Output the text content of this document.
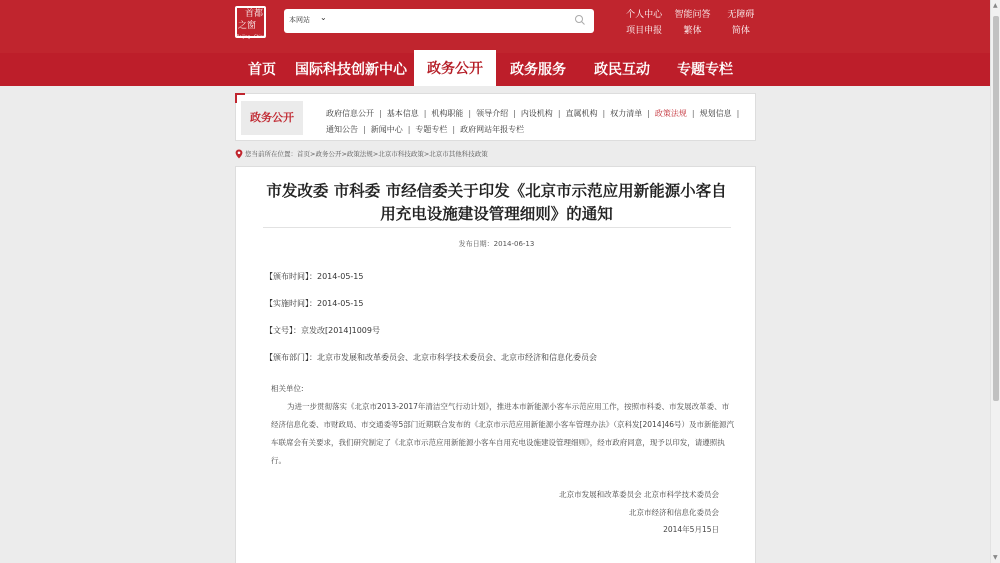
首都
之窗
Beijing · China
本网站 ⌄	个人中心	智能问答	无障碍
项目申报	繁体	简体
首页	国际科技创新中心	政务公开	政务服务	政民互动	专题专栏
▲
▼
政务公开	政府信息公开 | 基本信息 | 机构职能 | 领导介绍 | 内设机构 | 直属机构 | 权力清单 | 政策法规 | 规划信息 |
通知公告 | 新闻中心 | 专题专栏 | 政府网站年报专栏
您当前所在位置：首页>政务公开>政策法规>北京市科技政策>北京市其他科技政策
市发改委 市科委 市经信委关于印发《北京市示范应用新能源小客自用充电设施建设管理细则》的通知
发布日期：2014-06-13
【颁布时间】：2014-05-15
【实施时间】：2014-05-15
【文号】：京发改[2014]1009号
【颁布部门】：北京市发展和改革委员会、北京市科学技术委员会、北京市经济和信息化委员会
相关单位:
为进一步贯彻落实《北京市2013-2017年清洁空气行动计划》，推进本市新能源小客车示范应用工作，按照市科委、市发展改革委、市经济信息化委、市财政局、市交通委等5部门近期联合发布的《北京市示范应用新能源小客车管理办法》（京科发[2014]46号）及市新能源汽车联席会有关要求，我们研究制定了《北京市示范应用新能源小客车自用充电设施建设管理细则》，经市政府同意，现予以印发，请遵照执行。
北京市发展和改革委员会 北京市科学技术委员会
北京市经济和信息化委员会
2014年5月15日
